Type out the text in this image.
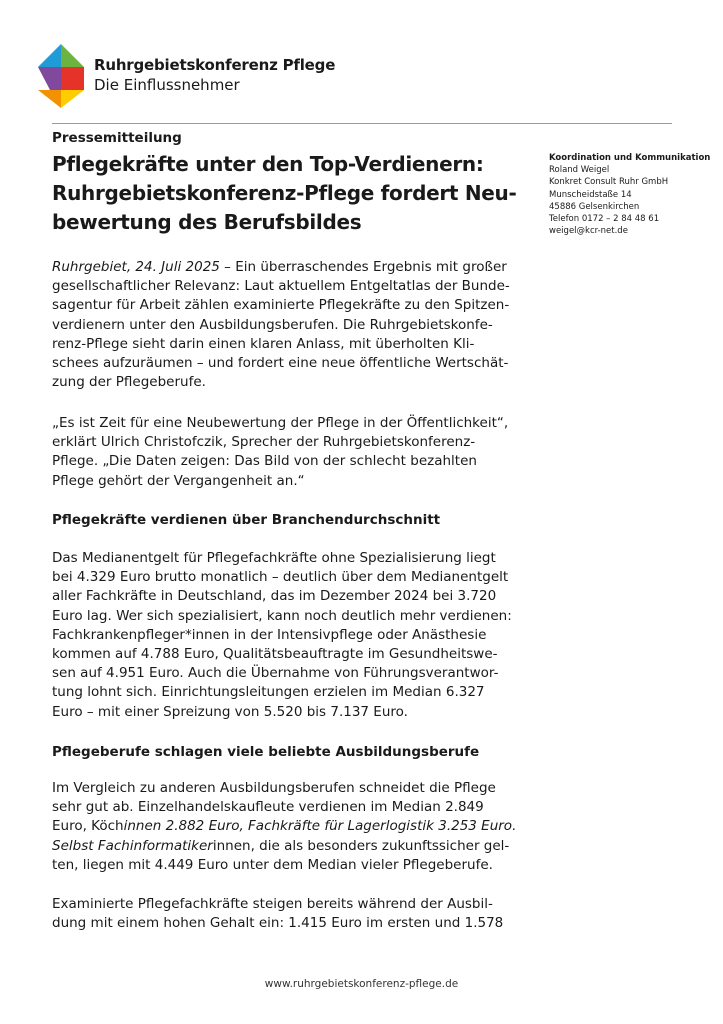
Ruhrgebietskonferenz Pflege
Die Einflussnehmer
Pressemitteilung
Pflegekräfte unter den Top-Verdienern:
Ruhrgebietskonferenz-Pflege fordert Neu-
bewertung des Berufsbildes
Koordination und Kommunikation
Roland Weigel
Konkret Consult Ruhr GmbH
Munscheidstaße 14
45886 Gelsenkirchen
Telefon 0172 – 2 84 48 61
weigel@kcr-net.de
Ruhrgebiet, 24. Juli 2025 – Ein überraschendes Ergebnis mit großer
gesellschaftlicher Relevanz: Laut aktuellem Entgeltatlas der Bunde-
sagentur für Arbeit zählen examinierte Pflegekräfte zu den Spitzen-
verdienern unter den Ausbildungsberufen. Die Ruhrgebietskonfe-
renz-Pflege sieht darin einen klaren Anlass, mit überholten Kli-
schees aufzuräumen – und fordert eine neue öffentliche Wertschät-
zung der Pflegeberufe.
„Es ist Zeit für eine Neubewertung der Pflege in der Öffentlichkeit“,
erklärt Ulrich Christofczik, Sprecher der Ruhrgebietskonferenz-
Pflege. „Die Daten zeigen: Das Bild von der schlecht bezahlten
Pflege gehört der Vergangenheit an.“
Pflegekräfte verdienen über Branchendurchschnitt
Das Medianentgelt für Pflegefachkräfte ohne Spezialisierung liegt
bei 4.329 Euro brutto monatlich – deutlich über dem Medianentgelt
aller Fachkräfte in Deutschland, das im Dezember 2024 bei 3.720
Euro lag. Wer sich spezialisiert, kann noch deutlich mehr verdienen:
Fachkrankenpfleger*innen in der Intensivpflege oder Anästhesie
kommen auf 4.788 Euro, Qualitätsbeauftragte im Gesundheitswe-
sen auf 4.951 Euro. Auch die Übernahme von Führungsverantwor-
tung lohnt sich. Einrichtungsleitungen erzielen im Median 6.327
Euro – mit einer Spreizung von 5.520 bis 7.137 Euro.
Pflegeberufe schlagen viele beliebte Ausbildungsberufe
Im Vergleich zu anderen Ausbildungsberufen schneidet die Pflege
sehr gut ab. Einzelhandelskaufleute verdienen im Median 2.849
Euro, Köchinnen 2.882 Euro, Fachkräfte für Lagerlogistik 3.253 Euro.
Selbst Fachinformatikerinnen, die als besonders zukunftssicher gel-
ten, liegen mit 4.449 Euro unter dem Median vieler Pflegeberufe.
Examinierte Pflegefachkräfte steigen bereits während der Ausbil-
dung mit einem hohen Gehalt ein: 1.415 Euro im ersten und 1.578
www.ruhrgebietskonferenz-pflege.de
